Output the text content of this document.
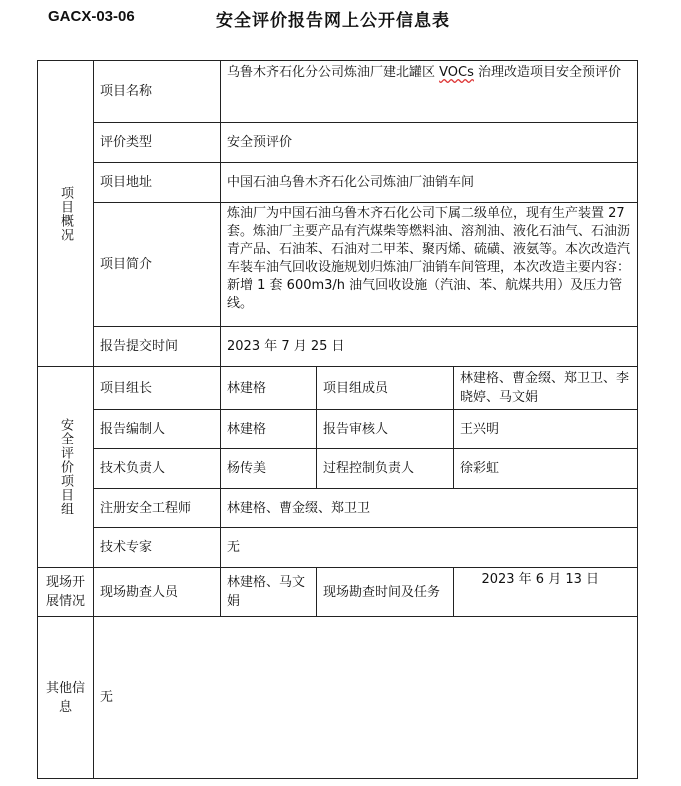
GACX-03-06	安全评价报告网上公开信息表
项目概况	项目名称	乌鲁木齐石化分公司炼油厂建北罐区 VOCs 治理改造项目安全预评价		
	评价类型	安全预评价		
	项目地址	中国石油乌鲁木齐石化公司炼油厂油销车间		
	项目简介	炼油厂为中国石油乌鲁木齐石化公司下属二级单位，现有生产装置 27 套。炼油厂主要产品有汽煤柴等燃料油、溶剂油、液化石油气、石油沥青产品、石油苯、石油对二甲苯、聚丙烯、硫磺、液氨等。本次改造汽车装车油气回收设施规划归炼油厂油销车间管理，本次改造主要内容：新增 1 套 600m3/h 油气回收设施（汽油、苯、航煤共用）及压力管线。		
	报告提交时间	2023 年 7 月 25 日		

安全评价项目组	项目组长	林建格	项目组成员	林建格、曹金缀、郑卫卫、李晓婷、马文娟
	报告编制人	林建格	报告审核人	王兴明
	技术负责人	杨传美	过程控制负责人	徐彩虹
	注册安全工程师	林建格、曹金缀、郑卫卫		
	技术专家	无		
现场开展情况	现场勘查人员	林建格、马文娟	现场勘查时间及任务	2023 年 6 月 13 日
其他信息	无			
